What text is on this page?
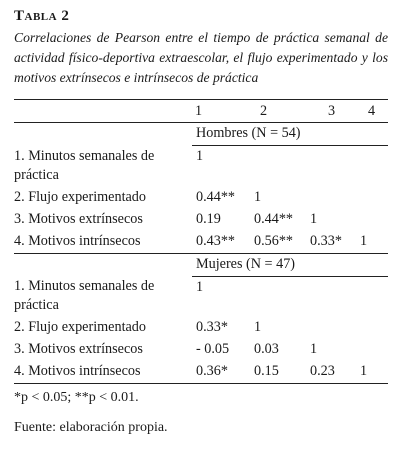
Tabla 2
Correlaciones de Pearson entre el tiempo de práctica semanal de actividad físico-deportiva extraescolar, el flujo experimentado y los motivos extrínsecos e intrínsecos de práctica
	1	2	3	4
	Hombres (N = 54)			
1. Minutos semanales de práctica	1			
2. Flujo experimentado	0.44**	1		
3. Motivos extrínsecos	0.19	0.44**	1	
4. Motivos intrínsecos	0.43**	0.56**	0.33*	1
	Mujeres (N = 47)			
1. Minutos semanales de práctica	1			
2. Flujo experimentado	0.33*	1		
3. Motivos extrínsecos	- 0.05	0.03	1	
4. Motivos intrínsecos	0.36*	0.15	0.23	1
*p < 0.05; **p < 0.01.
Fuente: elaboración propia.
